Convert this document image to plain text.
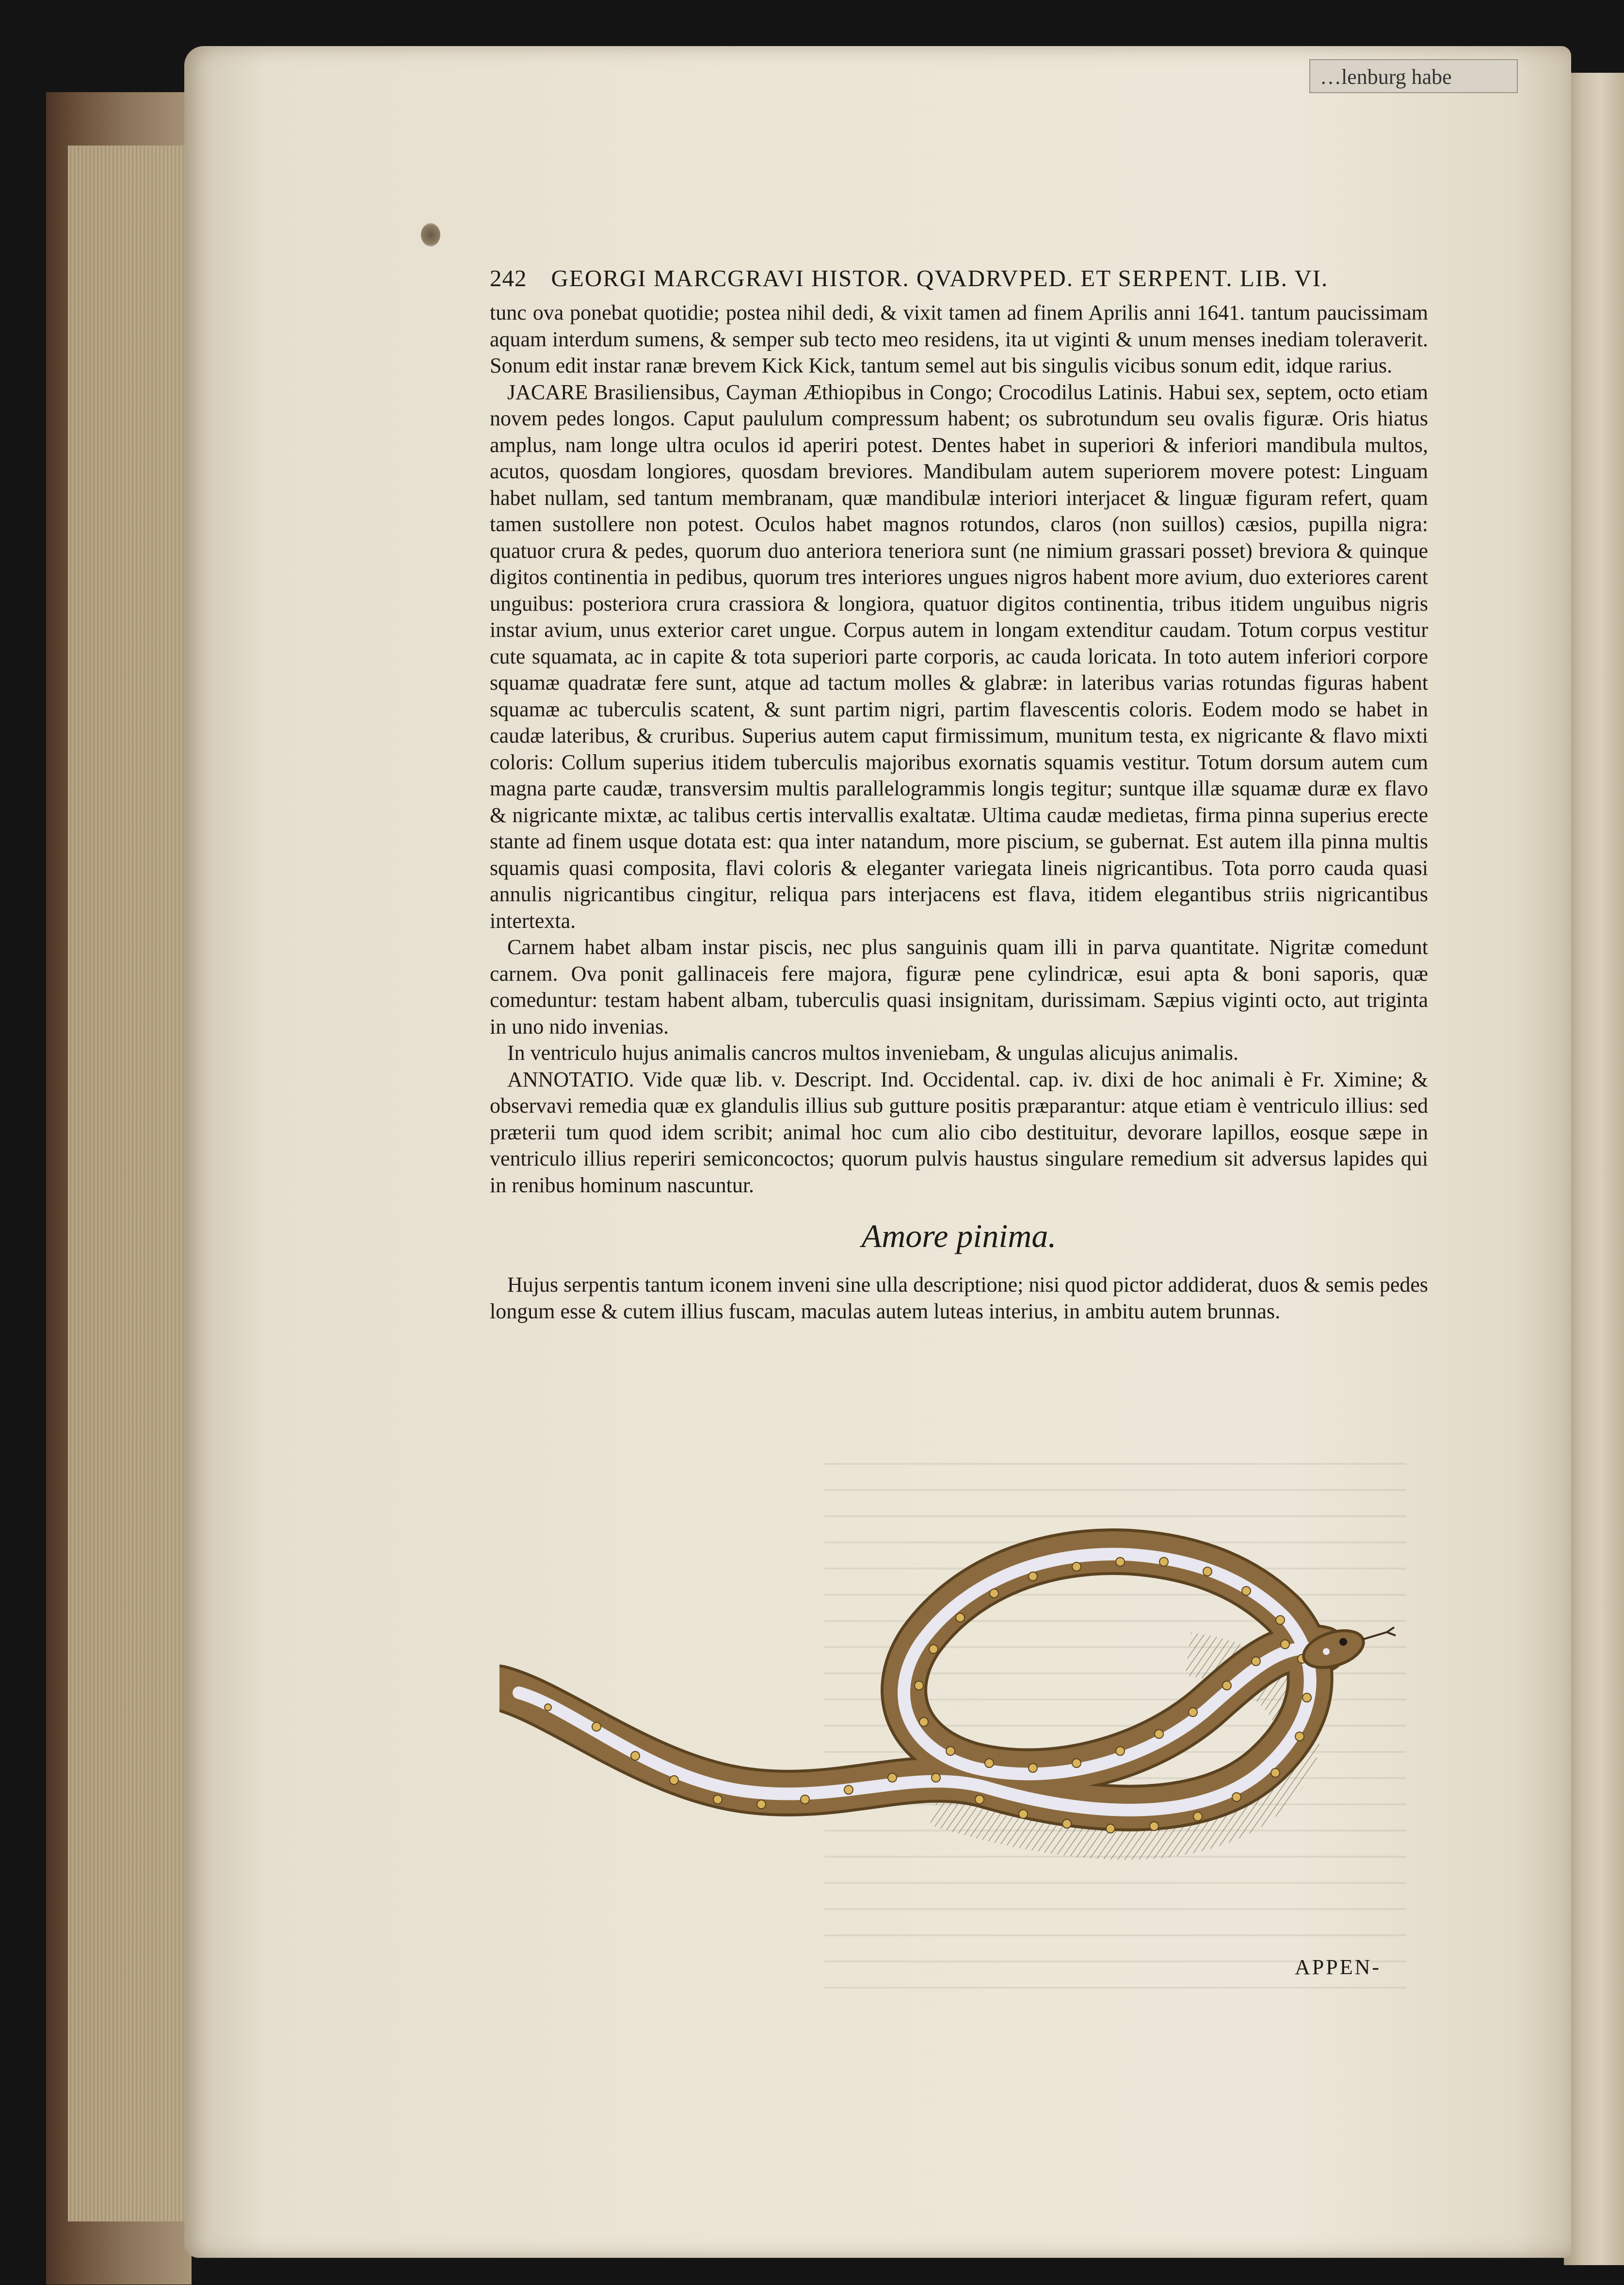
…lenburg habe
242 GEORGI MARCGRAVI HISTOR. QVADRVPED. ET SERPENT. LIB. VI.

tunc ova ponebat quotidie; postea nihil dedi, & vixit tamen ad finem Aprilis anni 1641. tantum paucissimam aquam interdum sumens, & semper sub tecto meo residens, ita ut viginti & unum menses inediam toleraverit. Sonum edit instar ranæ brevem Kick Kick, tantum semel aut bis singulis vicibus sonum edit, idque rarius.

JACARE Brasiliensibus, Cayman Æthiopibus in Congo; Crocodilus Latinis. Habui sex, septem, octo etiam novem pedes longos. Caput paululum compressum habent; os subrotundum seu ovalis figuræ. Oris hiatus amplus, nam longe ultra oculos id aperiri potest. Dentes habet in superiori & inferiori mandibula multos, acutos, quosdam longiores, quosdam breviores. Mandibulam autem superiorem movere potest: Linguam habet nullam, sed tantum membranam, quæ mandibulæ interiori interjacet & linguæ figuram refert, quam tamen sustollere non potest. Oculos habet magnos rotundos, claros (non suillos) cæsios, pupilla nigra: quatuor crura & pedes, quorum duo anteriora teneriora sunt (ne nimium grassari posset) breviora & quinque digitos continentia in pedibus, quorum tres interiores ungues nigros habent more avium, duo exteriores carent unguibus: posteriora crura crassiora & longiora, quatuor digitos continentia, tribus itidem unguibus nigris instar avium, unus exterior caret ungue. Corpus autem in longam extenditur caudam. Totum corpus vestitur cute squamata, ac in capite & tota superiori parte corporis, ac cauda loricata. In toto autem inferiori corpore squamæ quadratæ fere sunt, atque ad tactum molles & glabræ: in lateribus varias rotundas figuras habent squamæ ac tuberculis scatent, & sunt partim nigri, partim flavescentis coloris. Eodem modo se habet in caudæ lateribus, & cruribus. Superius autem caput firmissimum, munitum testa, ex nigricante & flavo mixti coloris: Collum superius itidem tuberculis majoribus exornatis squamis vestitur. Totum dorsum autem cum magna parte caudæ, transversim multis parallelogrammis longis tegitur; suntque illæ squamæ duræ ex flavo & nigricante mixtæ, ac talibus certis intervallis exaltatæ. Ultima caudæ medietas, firma pinna superius erecte stante ad finem usque dotata est: qua inter natandum, more piscium, se gubernat. Est autem illa pinna multis squamis quasi composita, flavi coloris & eleganter variegata lineis nigricantibus. Tota porro cauda quasi annulis nigricantibus cingitur, reliqua pars interjacens est flava, itidem elegantibus striis nigricantibus intertexta.

Carnem habet albam instar piscis, nec plus sanguinis quam illi in parva quantitate. Nigritæ comedunt carnem. Ova ponit gallinaceis fere majora, figuræ pene cylindricæ, esui apta & boni saporis, quæ comeduntur: testam habent albam, tuberculis quasi insignitam, durissimam. Sæpius viginti octo, aut triginta in uno nido invenias.

In ventriculo hujus animalis cancros multos inveniebam, & ungulas alicujus animalis.

ANNOTATIO. Vide quæ lib. v. Descript. Ind. Occidental. cap. iv. dixi de hoc animali è Fr. Ximine; & observavi remedia quæ ex glandulis illius sub gutture positis præparantur: atque etiam è ventriculo illius: sed præterii tum quod idem scribit; animal hoc cum alio cibo destituitur, devorare lapillos, eosque sæpe in ventriculo illius reperiri semiconcoctos; quorum pulvis haustus singulare remedium sit adversus lapides qui in renibus hominum nascuntur.

Amore pinima.

Hujus serpentis tantum iconem inveni sine ulla descriptione; nisi quod pictor addiderat, duos & semis pedes longum esse & cutem illius fuscam, maculas autem luteas interius, in ambitu autem brunnas.

APPEN-
